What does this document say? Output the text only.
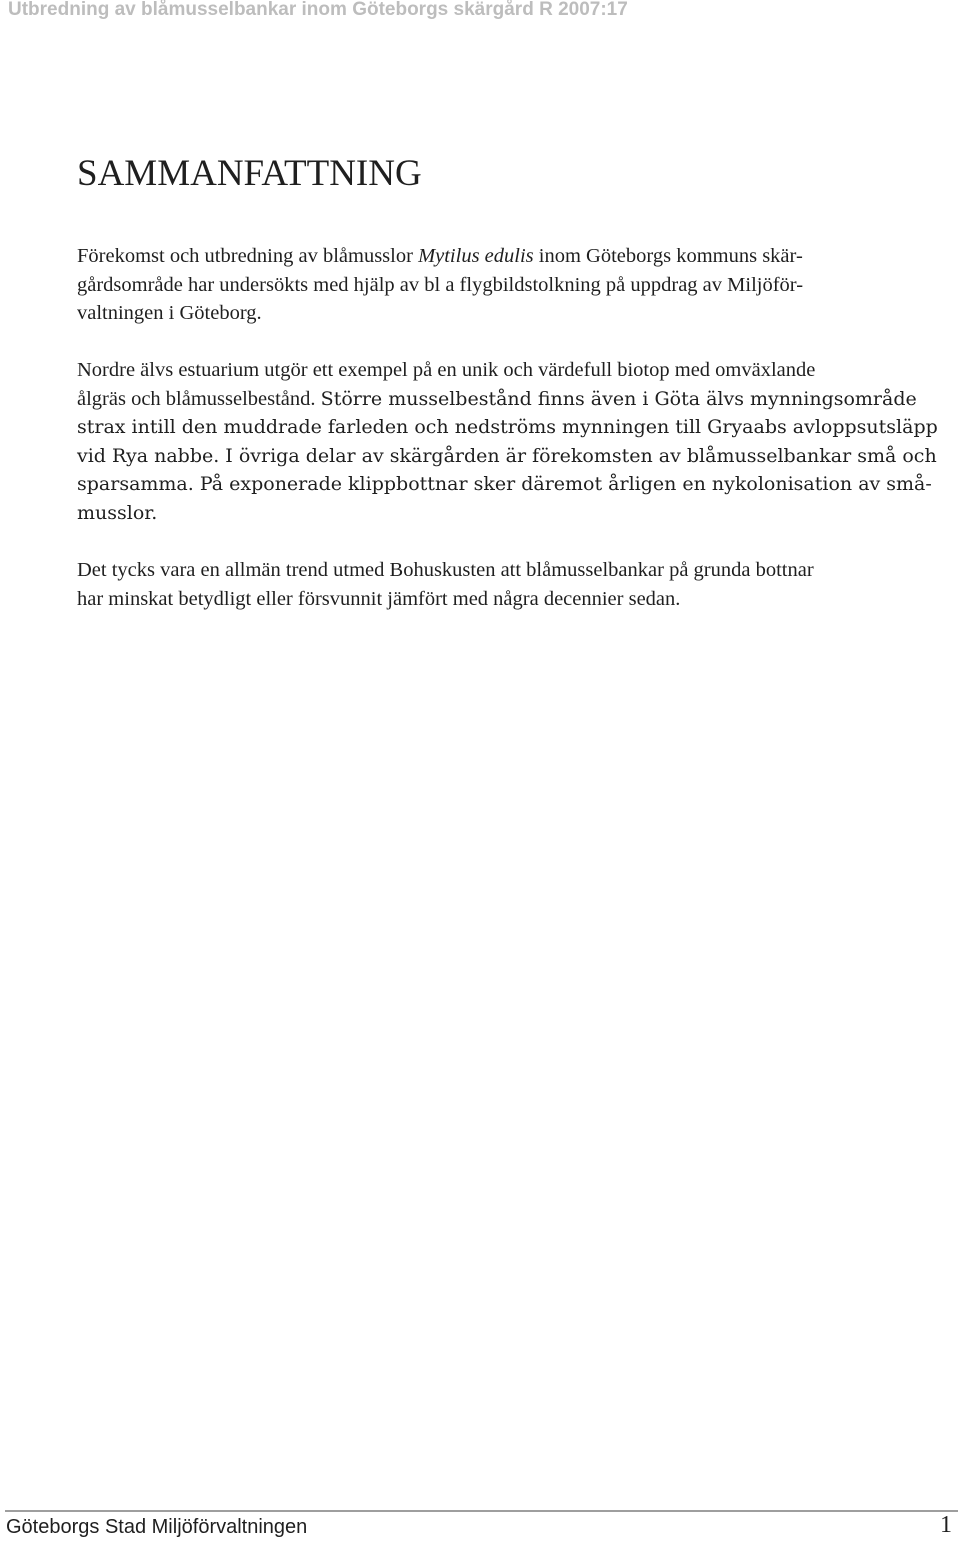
Utbredning av blåmusselbankar inom Göteborgs skärgård R 2007:17
SAMMANFATTNING
Förekomst och utbredning av blåmusslor Mytilus edulis inom Göteborgs kommuns skär-
gårdsområde har undersökts med hjälp av bl a flygbildstolkning på uppdrag av Miljöför-
valtningen i Göteborg.
Nordre älvs estuarium utgör ett exempel på en unik och värdefull biotop med omväxlande
ålgräs och blåmusselbestånd. Större musselbestånd finns även i Göta älvs mynningsområde
strax intill den muddrade farleden och nedströms mynningen till Gryaabs avloppsutsläpp
vid Rya nabbe. I övriga delar av skärgården är förekomsten av blåmusselbankar små och
sparsamma. På exponerade klippbottnar sker däremot årligen en nykolonisation av små-
musslor.
Det tycks vara en allmän trend utmed Bohuskusten att blåmusselbankar på grunda bottnar
har minskat betydligt eller försvunnit jämfört med några decennier sedan.
Göteborgs Stad Miljöförvaltningen	1
